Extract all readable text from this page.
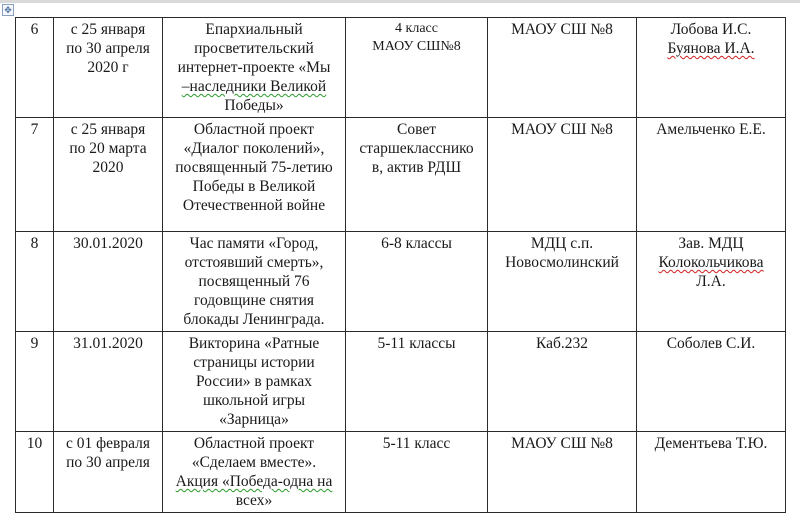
✥
6	с 25 января
по 30 апреля
2020 г	Епархиальный
просветительский
интернет-проекте «Мы
–наследники Великой
Победы»	4 класс
МАОУ СШ№8	МАОУ СШ №8	Лобова И.С.
Буянова И.А.

7	с 25 января
по 20 марта
2020	Областной проект
«Диалог поколений»,
посвященный 75-летию
Победы в Великой
Отечественной войне	Совет
старшекласснико
в, актив РДШ	МАОУ СШ №8	Амельченко Е.Е.

8	30.01.2020	Час памяти «Город,
отстоявший смерть»,
посвященный 76
годовщине снятия
блокады Ленинграда.	6-8 классы	МДЦ с.п.
Новосмолинский	Зав. МДЦ
Колокольчикова
Л.А.

9	31.01.2020	Викторина «Ратные
страницы истории
России» в рамках
школьной игры
«Зарница»	5-11 классы	Каб.232	Соболев С.И.

10	с 01 февраля
по 30 апреля	Областной проект
«Сделаем вместе».
Акция «Победа-одна на
всех»	5-11 класс	МАОУ СШ №8	Дементьева Т.Ю.
